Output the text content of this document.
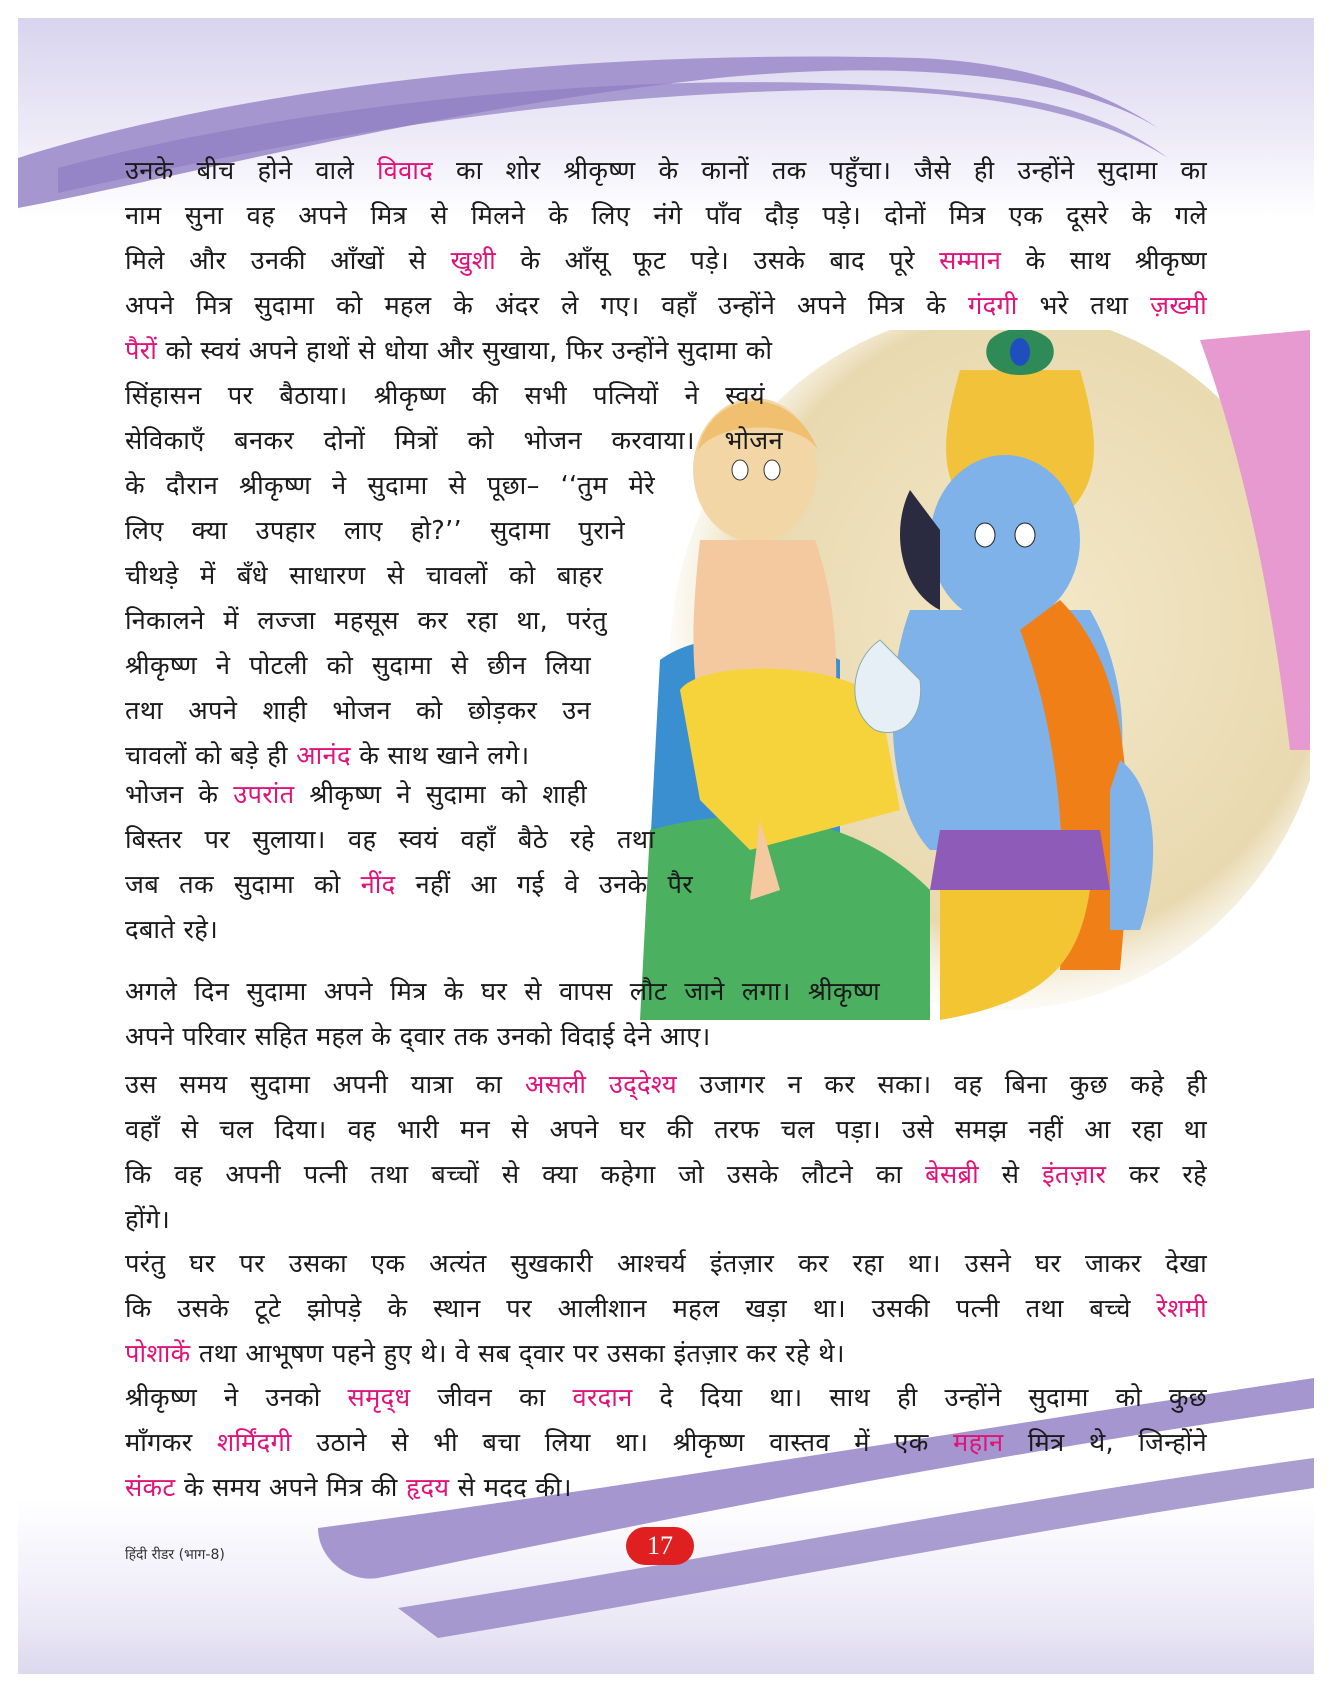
उनके बीच होने वाले विवाद का शोर श्रीकृष्ण के कानों तक पहुँचा। जैसे ही उन्होंने सुदामा का
नाम सुना वह अपने मित्र से मिलने के लिए नंगे पाँव दौड़ पड़े। दोनों मित्र एक दूसरे के गले
मिले और उनकी आँखों से खुशी के आँसू फूट पड़े। उसके बाद पूरे सम्मान के साथ श्रीकृष्ण
अपने मित्र सुदामा को महल के अंदर ले गए। वहाँ उन्होंने अपने मित्र के गंदगी भरे तथा ज़ख्मी
पैरों को स्वयं अपने हाथों से धोया और सुखाया, फिर उन्होंने सुदामा को
सिंहासन पर बैठाया। श्रीकृष्ण की सभी पत्नियों ने स्वयं
सेविकाएँ बनकर दोनों मित्रों को भोजन करवाया। भोजन
के दौरान श्रीकृष्ण ने सुदामा से पूछा– ‘‘तुम मेरे
लिए क्या उपहार लाए हो?’’ सुदामा पुराने
चीथड़े में बँधे साधारण से चावलों को बाहर
निकालने में लज्जा महसूस कर रहा था, परंतु
श्रीकृष्ण ने पोटली को सुदामा से छीन लिया
तथा अपने शाही भोजन को छोड़कर उन
चावलों को बड़े ही आनंद के साथ खाने लगे।
भोजन के उपरांत श्रीकृष्ण ने सुदामा को शाही
बिस्तर पर सुलाया। वह स्वयं वहाँ बैठे रहे तथा
जब तक सुदामा को नींद नहीं आ गई वे उनके पैर
दबाते रहे।
अगले दिन सुदामा अपने मित्र के घर से वापस लौट जाने लगा। श्रीकृष्ण
अपने परिवार सहित महल के द्‌वार तक उनको विदाई देने आए।
उस समय सुदामा अपनी यात्रा का असली उद्‌देश्य उजागर न कर सका। वह बिना कुछ कहे ही
वहाँ से चल दिया। वह भारी मन से अपने घर की तरफ चल पड़ा। उसे समझ नहीं आ रहा था
कि वह अपनी पत्नी तथा बच्चों से क्या कहेगा जो उसके लौटने का बेसब्री से इंतज़ार कर रहे
होंगे।
परंतु घर पर उसका एक अत्यंत सुखकारी आश्चर्य इंतज़ार कर रहा था। उसने घर जाकर देखा
कि उसके टूटे झोपड़े के स्थान पर आलीशान महल खड़ा था। उसकी पत्नी तथा बच्चे रेशमी
पोशाकें तथा आभूषण पहने हुए थे। वे सब द्‌वार पर उसका इंतज़ार कर रहे थे।
श्रीकृष्ण ने उनको समृद्‌ध जीवन का वरदान दे दिया था। साथ ही उन्होंने सुदामा को कुछ
माँगकर शर्मिंदगी उठाने से भी बचा लिया था। श्रीकृष्ण वास्तव में एक महान मित्र थे, जिन्होंने
संकट के समय अपने मित्र की हृदय से मदद की।
हिंदी रीडर (भाग-8)	17
